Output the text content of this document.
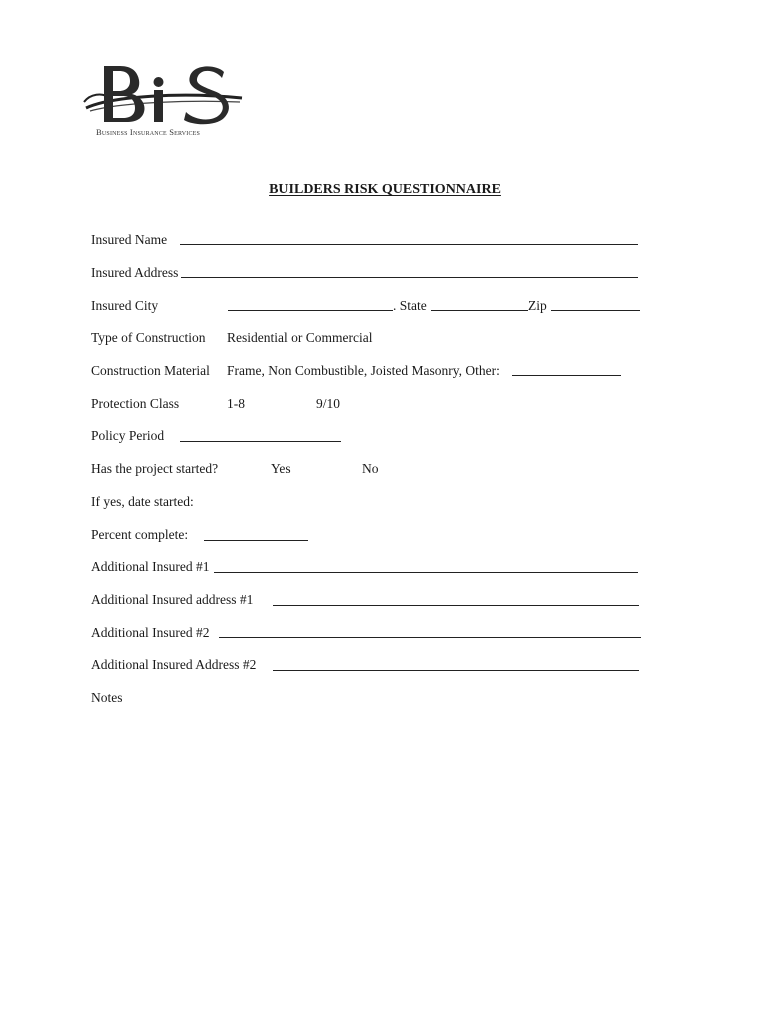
Business Insurance Services
BUILDERS RISK QUESTIONNAIRE
Insured Name
Insured Address
Insured City	. State	Zip
Type of Construction Residential or Commercial
Construction Material Frame, Non Combustible, Joisted Masonry, Other:
Protection Class	1-8	9/10
Policy Period
Has the project started?	Yes	No
If yes, date started:
Percent complete:
Additional Insured #1
Additional Insured address #1
Additional Insured #2
Additional Insured Address #2
Notes
